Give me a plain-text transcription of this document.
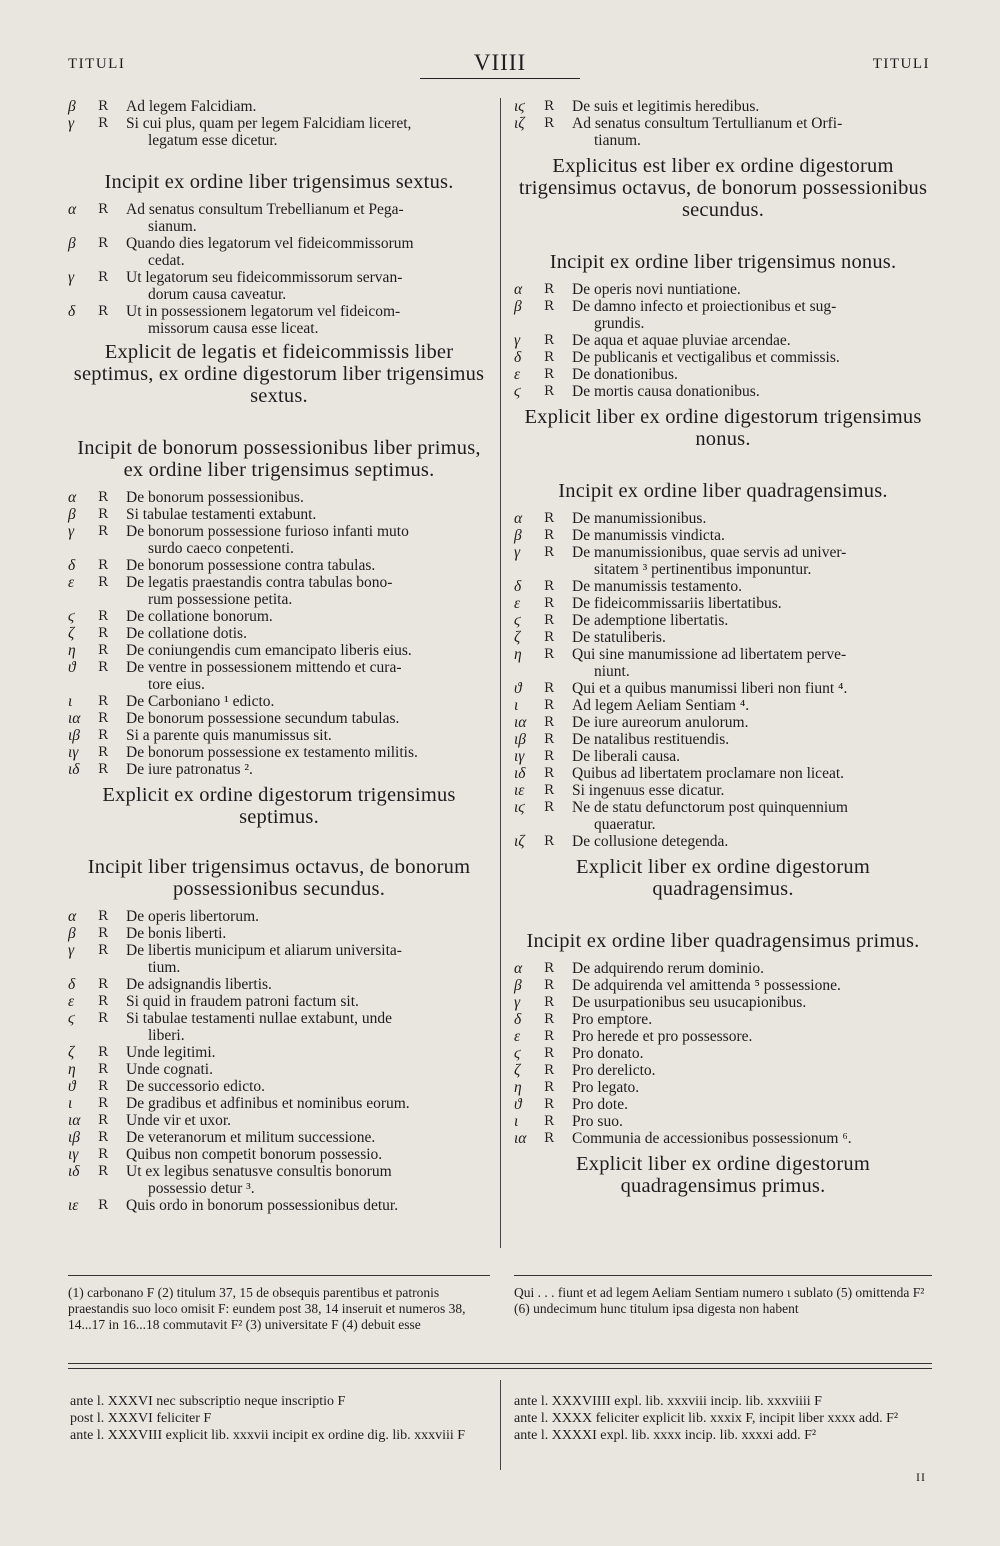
TITULI	VIIII	TITULI
β	R Ad legem Falcidiam.
γ	R Si cui plus, quam per legem Falcidiam liceret,
legatum esse dicetur.

Incipit ex ordine liber trigensimus sextus.

α	R Ad senatus consultum Trebellianum et Pega-
sianum.
β	R Quando dies legatorum vel fideicommissorum
cedat.
γ	R Ut legatorum seu fideicommissorum servan-
dorum causa caveatur.
δ	R Ut in possessionem legatorum vel fideicom-
missorum causa esse liceat.

Explicit de legatis et fideicommissis liber septimus, ex ordine digestorum liber trigensimus sextus.

Incipit de bonorum possessionibus liber primus, ex ordine liber trigensimus septimus.

α	R De bonorum possessionibus.
β	R Si tabulae testamenti extabunt.
γ	R De bonorum possessione furioso infanti muto
surdo caeco conpetenti.
δ	R De bonorum possessione contra tabulas.
ε	R De legatis praestandis contra tabulas bono-
rum possessione petita.
ϛ	R De collatione bonorum.
ζ	R De collatione dotis.
η	R De coniungendis cum emancipato liberis eius.
ϑ	R De ventre in possessionem mittendo et cura-
tore eius.
ι	R De Carboniano ¹ edicto.
ια	R De bonorum possessione secundum tabulas.
ιβ	R Si a parente quis manumissus sit.
ιγ	R De bonorum possessione ex testamento militis.
ιδ	R De iure patronatus ².

Explicit ex ordine digestorum trigensimus septimus.

Incipit liber trigensimus octavus, de bonorum possessionibus secundus.

α	R De operis libertorum.
β	R De bonis liberti.
γ	R De libertis municipum et aliarum universita-
tium.
δ	R De adsignandis libertis.
ε	R Si quid in fraudem patroni factum sit.
ϛ	R Si tabulae testamenti nullae extabunt, unde
liberi.
ζ	R Unde legitimi.
η	R Unde cognati.
ϑ	R De successorio edicto.
ι	R De gradibus et adfinibus et nominibus eorum.
ια	R Unde vir et uxor.
ιβ	R De veteranorum et militum successione.
ιγ	R Quibus non competit bonorum possessio.
ιδ	R Ut ex legibus senatusve consultis bonorum
possessio detur ³.
ιε	R Quis ordo in bonorum possessionibus detur.
ιϛ	R De suis et legitimis heredibus.
ιζ	R Ad senatus consultum Tertullianum et Orfi-
tianum.

Explicitus est liber ex ordine digestorum trigensimus octavus, de bonorum possessionibus secundus.

Incipit ex ordine liber trigensimus nonus.

α	R De operis novi nuntiatione.
β	R De damno infecto et proiectionibus et sug-
grundis.
γ	R De aqua et aquae pluviae arcendae.
δ	R De publicanis et vectigalibus et commissis.
ε	R De donationibus.
ϛ	R De mortis causa donationibus.

Explicit liber ex ordine digestorum trigensimus nonus.

Incipit ex ordine liber quadragensimus.

α	R De manumissionibus.
β	R De manumissis vindicta.
γ	R De manumissionibus, quae servis ad univer-
sitatem ³ pertinentibus imponuntur.
δ	R De manumissis testamento.
ε	R De fideicommissariis libertatibus.
ϛ	R De ademptione libertatis.
ζ	R De statuliberis.
η	R Qui sine manumissione ad libertatem perve-
niunt.
ϑ	R Qui et a quibus manumissi liberi non fiunt ⁴.
ι	R Ad legem Aeliam Sentiam ⁴.
ια	R De iure aureorum anulorum.
ιβ	R De natalibus restituendis.
ιγ	R De liberali causa.
ιδ	R Quibus ad libertatem proclamare non liceat.
ιε	R Si ingenuus esse dicatur.
ιϛ	R Ne de statu defunctorum post quinquennium
quaeratur.
ιζ	R De collusione detegenda.

Explicit liber ex ordine digestorum quadragensimus.

Incipit ex ordine liber quadragensimus primus.

α	R De adquirendo rerum dominio.
β	R De adquirenda vel amittenda ⁵ possessione.
γ	R De usurpationibus seu usucapionibus.
δ	R Pro emptore.
ε	R Pro herede et pro possessore.
ϛ	R Pro donato.
ζ	R Pro derelicto.
η	R Pro legato.
ϑ	R Pro dote.
ι	R Pro suo.
ια	R Communia de accessionibus possessionum ⁶.

Explicit liber ex ordine digestorum quadragensimus primus.

(1) carbonano F (2) titulum 37, 15 de obsequis parentibus et patronis praestandis suo loco omisit F: eundem post 38, 14 inseruit et numeros 38, 14...17 in 16...18 commutavit F² (3) universitate F (4) debuit esse
Qui . . . fiunt et ad legem Aeliam Sentiam numero ι sublato (5) omittenda F² (6) undecimum hunc titulum ipsa digesta non habent
ante l. XXXVI nec subscriptio neque inscriptio F
post l. XXXVI feliciter F
ante l. XXXVIII explicit lib. xxxvii incipit ex ordine dig. lib. xxxviii F
ante l. XXXVIIII expl. lib. xxxviii incip. lib. xxxviiii F
ante l. XXXX feliciter explicit lib. xxxix F, incipit liber xxxx add. F²
ante l. XXXXI expl. lib. xxxx incip. lib. xxxxi add. F²
II
